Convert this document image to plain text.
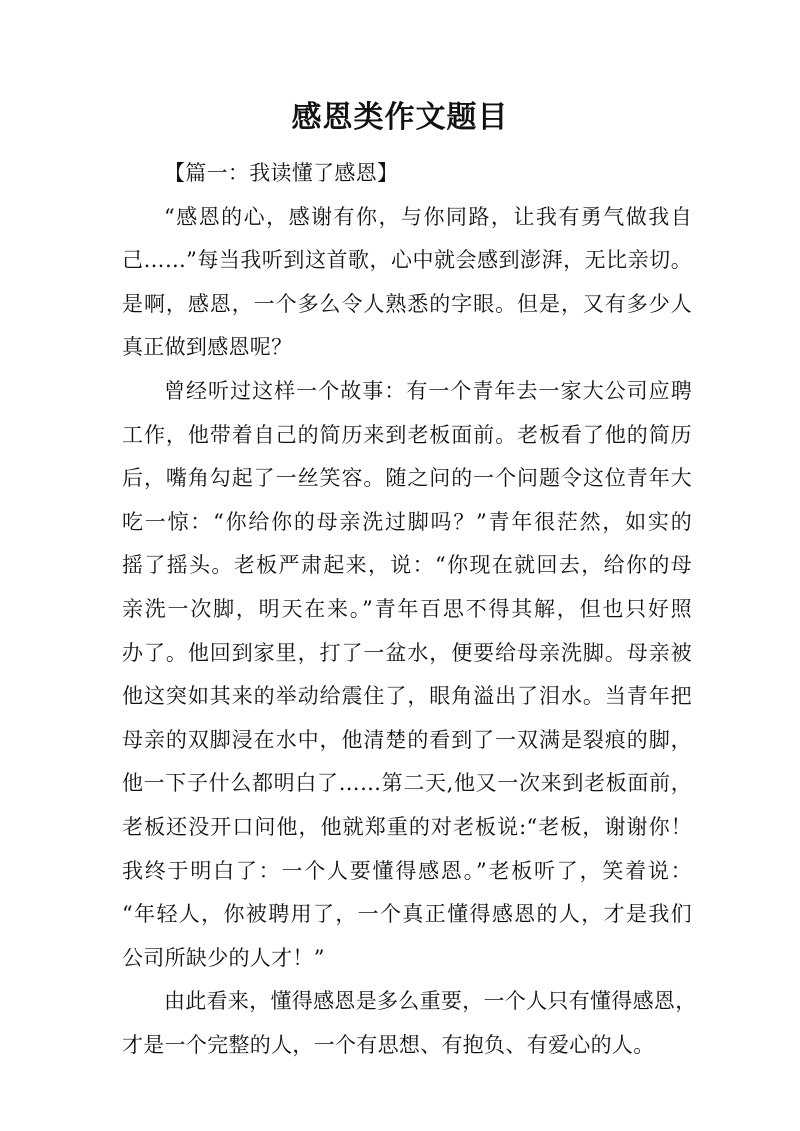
感恩类作文题目
【篇一：我读懂了感恩】
“感恩的心，感谢有你，与你同路，让我有勇气做我自
己……”每当我听到这首歌，心中就会感到澎湃，无比亲切。
是啊，感恩，一个多么令人熟悉的字眼。但是，又有多少人
真正做到感恩呢？
曾经听过这样一个故事：有一个青年去一家大公司应聘
工作，他带着自己的简历来到老板面前。老板看了他的简历
后，嘴角勾起了一丝笑容。随之问的一个问题令这位青年大
吃一惊：“你给你的母亲洗过脚吗？”青年很茫然，如实的
摇了摇头。老板严肃起来，说：“你现在就回去，给你的母
亲洗一次脚，明天在来。”青年百思不得其解，但也只好照
办了。他回到家里，打了一盆水，便要给母亲洗脚。母亲被
他这突如其来的举动给震住了，眼角溢出了泪水。当青年把
母亲的双脚浸在水中，他清楚的看到了一双满是裂痕的脚，
他一下子什么都明白了……第二天,他又一次来到老板面前，
老板还没开口问他，他就郑重的对老板说:“老板，谢谢你！
我终于明白了：一个人要懂得感恩。”老板听了，笑着说：
“年轻人，你被聘用了，一个真正懂得感恩的人，才是我们
公司所缺少的人才！”
由此看来，懂得感恩是多么重要，一个人只有懂得感恩，
才是一个完整的人，一个有思想、有抱负、有爱心的人。
